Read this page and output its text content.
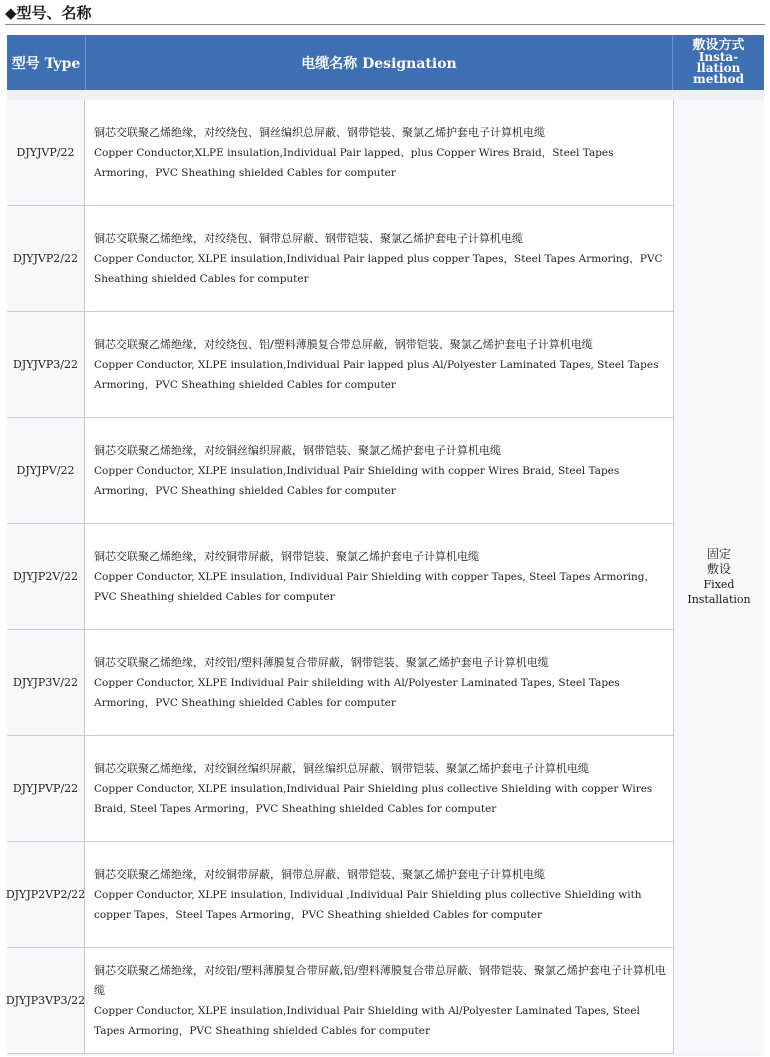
◆型号、名称
型号 Type	电缆名称 Designation
敷设方式
Insta-
llation
method
固定
敷设
Fixed
Installation
DJYJVP/22
铜芯交联聚乙烯绝缘，对绞绕包、铜丝编织总屏蔽、钢带铠装、聚氯乙烯护套电子计算机电缆
Copper Conductor,XLPE insulation,Individual Pair lapped、plus Copper Wires Braid，Steel Tapes Armoring，PVC Sheathing shielded Cables for computer
DJYJVP2/22
铜芯交联聚乙烯绝缘，对绞绕包、铜带总屏蔽、钢带铠装、聚氯乙烯护套电子计算机电缆
Copper Conductor, XLPE insulation,Individual Pair lapped plus copper Tapes，Steel Tapes Armoring，PVC Sheathing shielded Cables for computer
DJYJVP3/22
铜芯交联聚乙烯绝缘，对绞绕包、铝/塑料薄膜复合带总屏蔽，钢带铠装、聚氯乙烯护套电子计算机电缆
Copper Conductor, XLPE insulation,Individual Pair lapped plus Al/Polyester Laminated Tapes, Steel Tapes Armoring，PVC Sheathing shielded Cables for computer
DJYJPV/22
铜芯交联聚乙烯绝缘，对绞铜丝编织屏蔽，钢带铠装、聚氯乙烯护套电子计算机电缆
Copper Conductor, XLPE insulation,Individual Pair Shielding with copper Wires Braid, Steel Tapes Armoring，PVC Sheathing shielded Cables for computer
DJYJP2V/22
铜芯交联聚乙烯绝缘，对绞铜带屏蔽，钢带铠装、聚氯乙烯护套电子计算机电缆
Copper Conductor, XLPE insulation, Individual Pair Shielding with copper Tapes, Steel Tapes Armoring，PVC Sheathing shielded Cables for computer
DJYJP3V/22
铜芯交联聚乙烯绝缘，对绞铝/塑料薄膜复合带屏蔽，钢带铠装、聚氯乙烯护套电子计算机电缆
Copper Conductor, XLPE Individual Pair shilelding with Al/Polyester Laminated Tapes, Steel Tapes Armoring，PVC Sheathing shielded Cables for computer
DJYJPVP/22
铜芯交联聚乙烯绝缘，对绞铜丝编织屏蔽，铜丝编织总屏蔽、钢带铠装、聚氯乙烯护套电子计算机电缆
Copper Conductor, XLPE insulation,Individual Pair Shielding plus collective Shielding with copper Wires Braid, Steel Tapes Armoring，PVC Sheathing shielded Cables for computer
DJYJP2VP2/22
铜芯交联聚乙烯绝缘，对绞铜带屏蔽，铜带总屏蔽、钢带铠装、聚氯乙烯护套电子计算机电缆
Copper Conductor, XLPE insulation, Individual ,Individual Pair Shielding plus collective Shielding with copper Tapes，Steel Tapes Armoring，PVC Sheathing shielded Cables for computer
DJYJP3VP3/22
铜芯交联聚乙烯绝缘，对绞铝/塑料薄膜复合带屏蔽,铝/塑料薄膜复合带总屏蔽、钢带铠装、聚氯乙烯护套电子计算机电缆
Copper Conductor, XLPE insulation,Individual Pair Shielding with Al/Polyester Laminated Tapes, Steel Tapes Armoring，PVC Sheathing shielded Cables for computer
